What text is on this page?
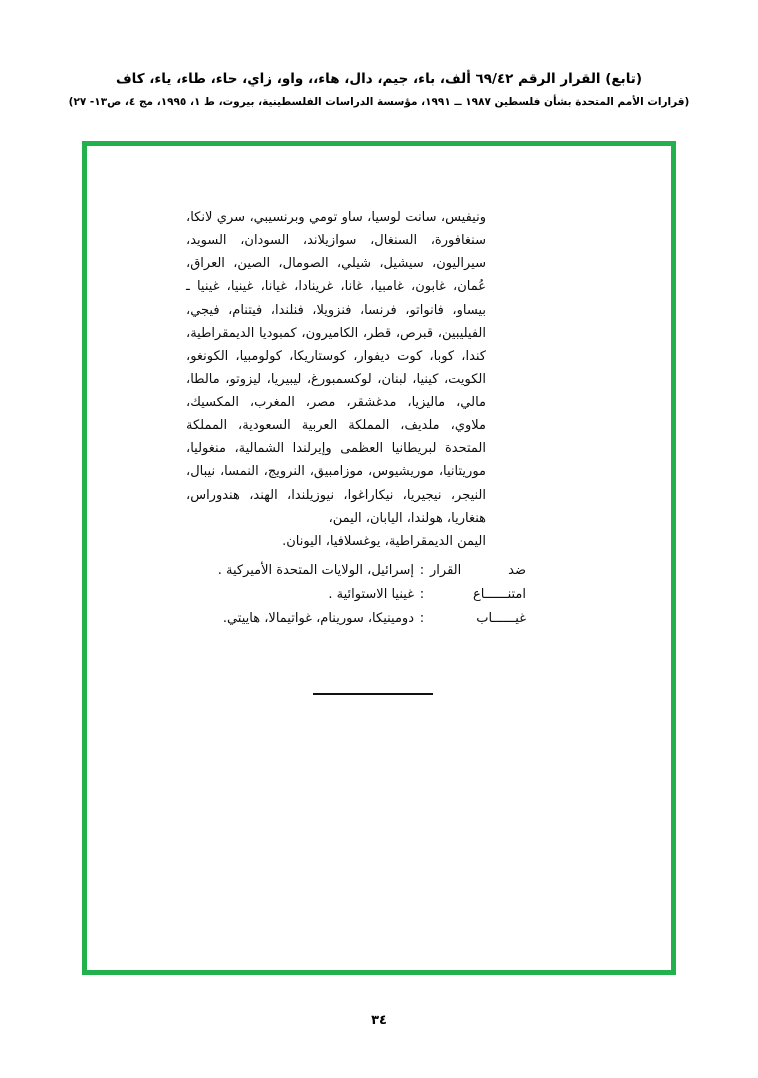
(تابع) القرار الرقم ٦٩/٤٢ ألف، باء، جيم، دال، هاء،، واو، زاي، حاء، طاء، ياء، كاف
(قرارات الأمم المتحدة بشأن فلسطين ١٩٨٧ ــ ١٩٩١، مؤسسة الدراسات الفلسطينية، بيروت، ط ١، ١٩٩٥، مج ٤، ص١٣- ٢٧)

ونيفيس، سانت لوسيا، ساو تومي وبرنسيبي، سري لانكا، سنغافورة، السنغال، سوازيلاند، السودان، السويد، سيراليون، سيشيل، شيلي، الصومال، الصين، العراق، عُمان، غابون، غامبيا، غانا، غرينادا، غيانا، غينيا، غينيا ـ بيساو، فانواتو، فرنسا، فنزويلا، فنلندا، فيتنام، فيجي، الفيليبين، قبرص، قطر، الكاميرون، كمبوديا الديمقراطية، كندا، كوبا، كوت ديفوار، كوستاريكا، كولومبيا، الكونغو، الكويت، كينيا، لبنان، لوكسمبورغ، ليبيريا، ليزوتو، مالطا، مالي، ماليزيا، مدغشقر، مصر، المغرب، المكسيك، ملاوي، ملديف، المملكة العربية السعودية، المملكة المتحدة لبريطانيا العظمى وإيرلندا الشمالية، منغوليا، موريتانيا، موريشيوس، موزامبيق، النرويج، النمسا، نيبال، النيجر، نيجيريا، نيكاراغوا، نيوزيلندا، الهند، هندوراس، هنغاريا، هولندا، اليابان، اليمن،

اليمن الديمقراطية، يوغسلافيا، اليونان.

ضد القرار
:
إسرائيل، الولايات المتحدة الأميركية .
امتنــــــاع
:
غينيا الاستوائية .
غيــــــاب
:
دومينيكا، سورينام، غواتيمالا، هاييتي.
٣٤
